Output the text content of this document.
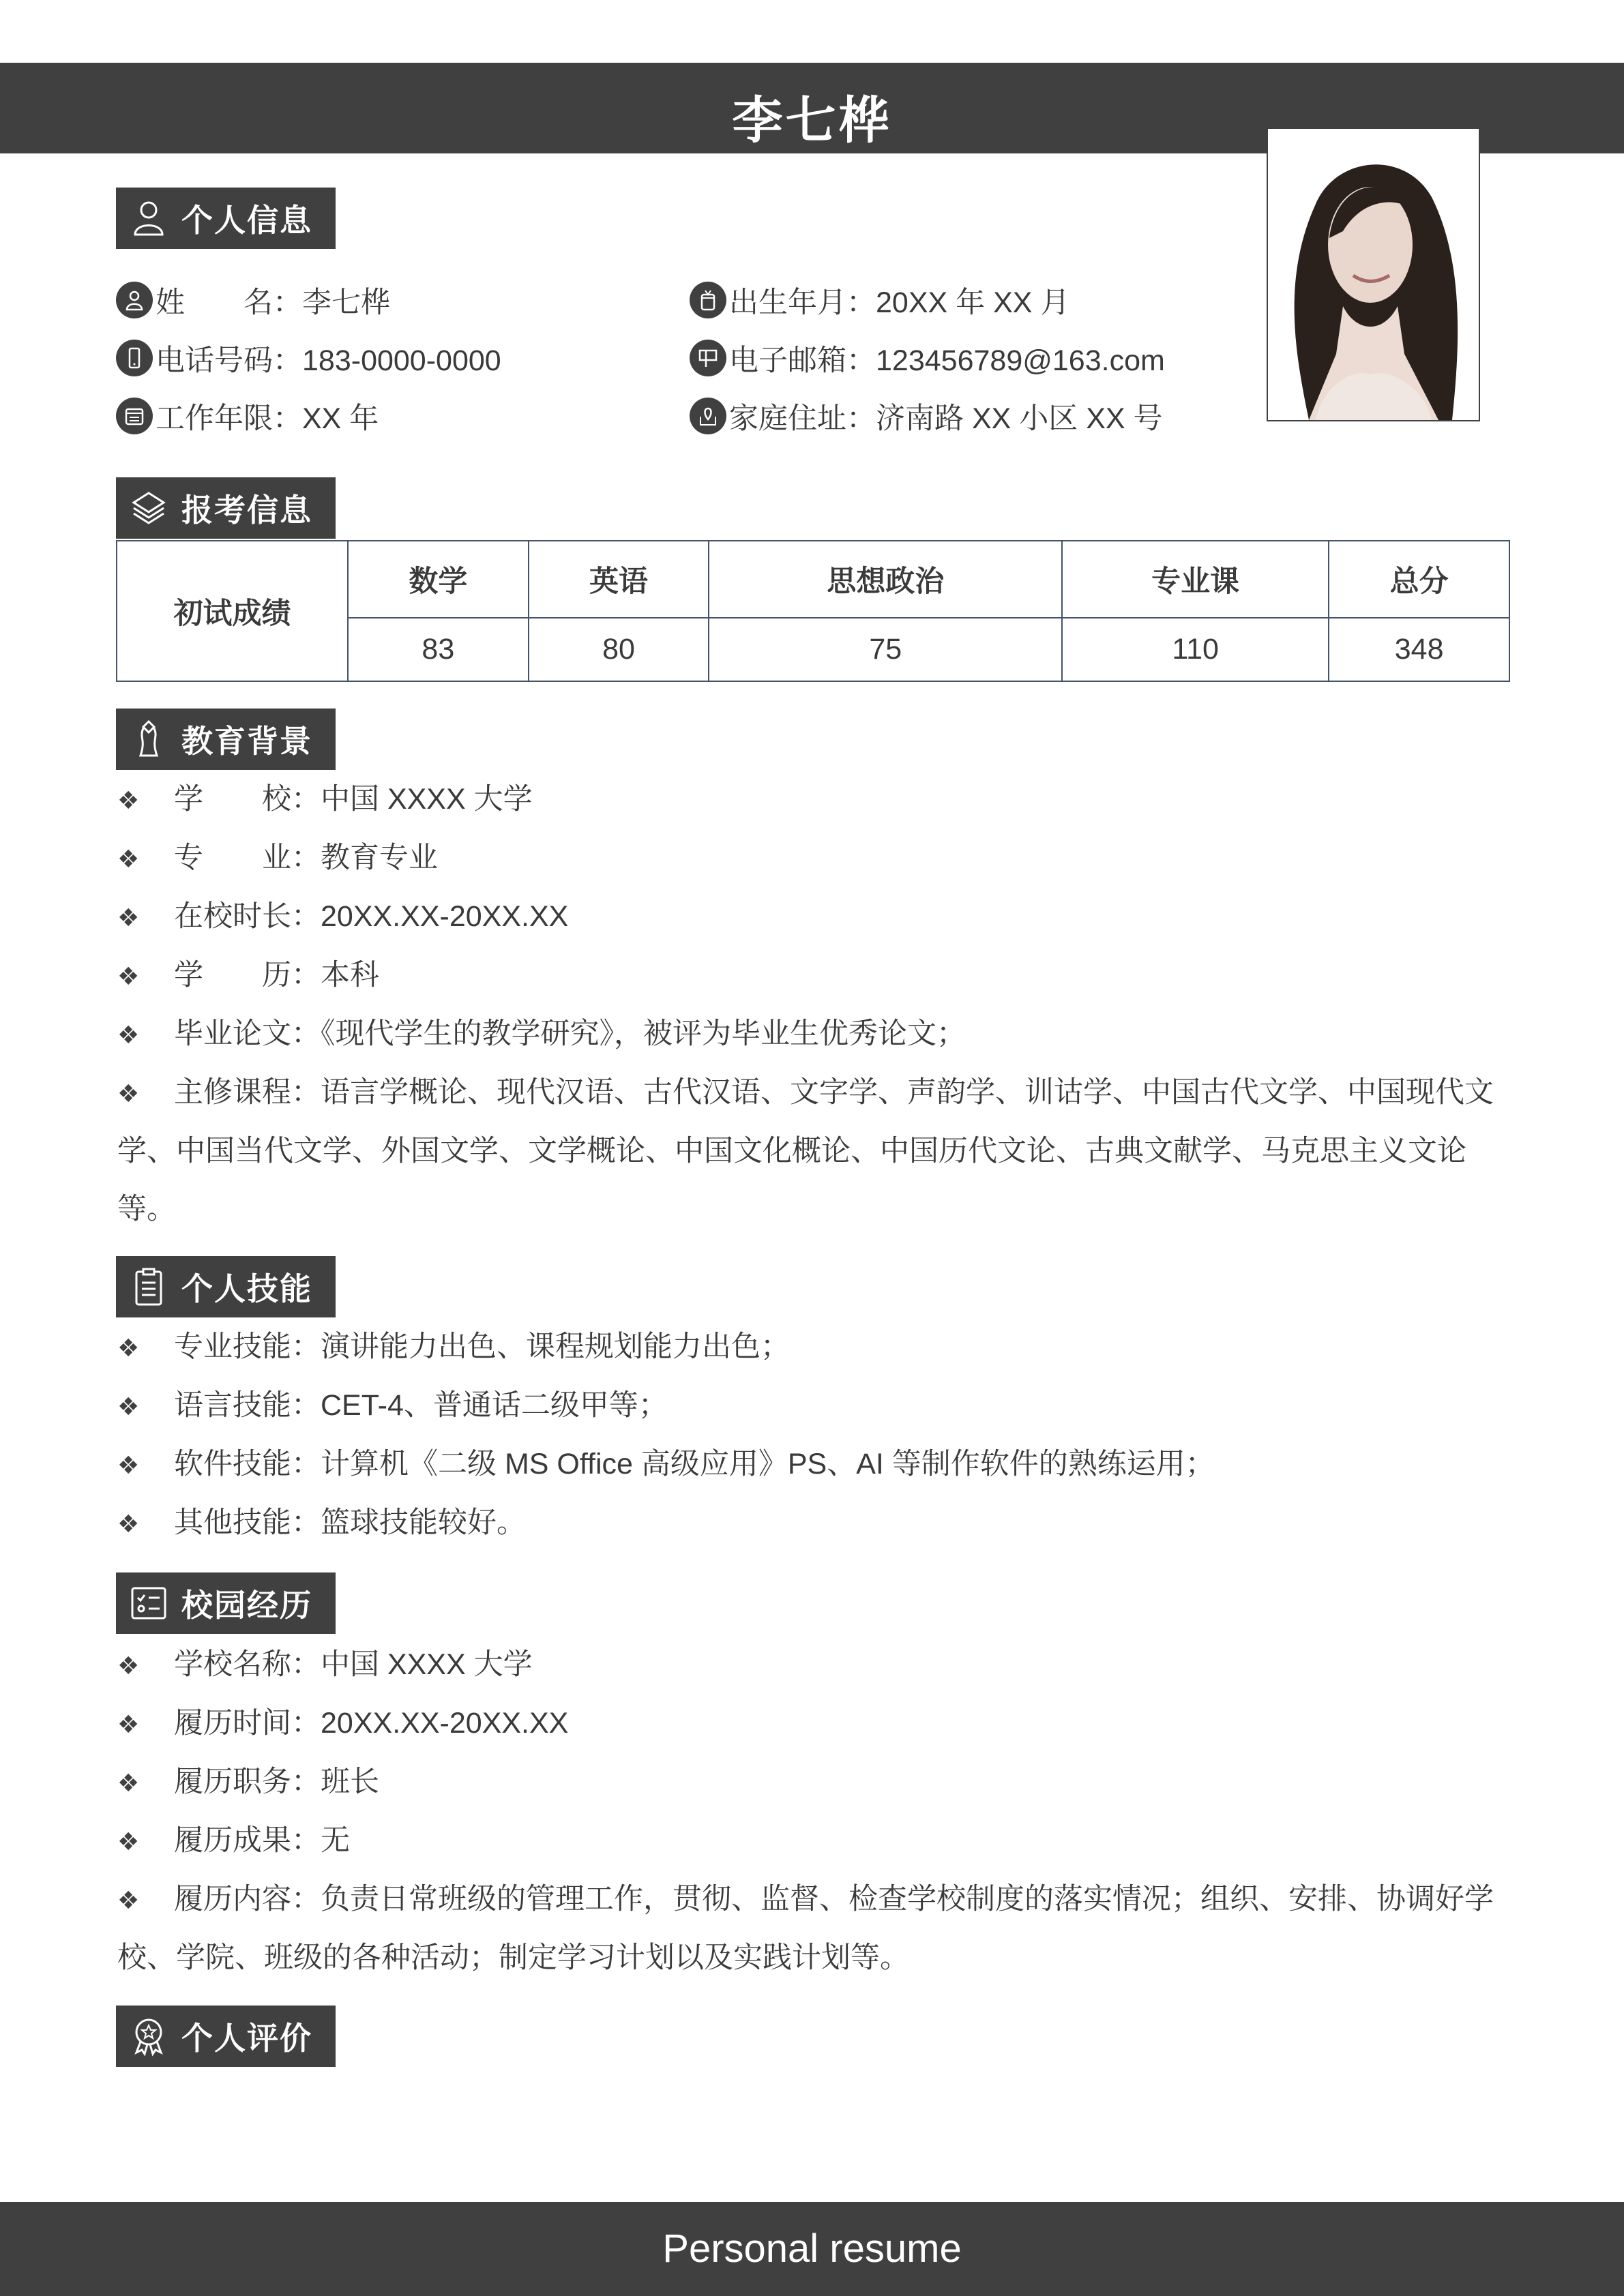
李七桦
个人信息
姓　　名：李七桦	出生年月：20XX 年 XX 月
电话号码：183-0000-0000	电子邮箱：123456789@163.com
工作年限：XX 年	家庭住址：济南路 XX 小区 XX 号
报考信息
初试成绩	数学	英语	思想政治	专业课	总分
	83	80	75	110	348
教育背景

❖ 学　　校：中国 XXXX 大学

❖ 专　　业：教育专业

❖ 在校时长：20XX.XX-20XX.XX

❖ 学　　历：本科

❖ 毕业论文：《现代学生的教学研究》，被评为毕业生优秀论文；

❖ 主修课程：语言学概论、现代汉语、古代汉语、文字学、声韵学、训诂学、中国古代文学、中国现代文学、中国当代文学、外国文学、文学概论、中国文化概论、中国历代文论、古典文献学、马克思主义文论等。

个人技能

❖ 专业技能：演讲能力出色、课程规划能力出色；

❖ 语言技能：CET-4、普通话二级甲等；

❖ 软件技能：计算机《二级 MS Office 高级应用》PS、AI 等制作软件的熟练运用；

❖ 其他技能：篮球技能较好。

校园经历

❖ 学校名称：中国 XXXX 大学

❖ 履历时间：20XX.XX-20XX.XX

❖ 履历职务：班长

❖ 履历成果：无

❖ 履历内容：负责日常班级的管理工作，贯彻、监督、检查学校制度的落实情况；组织、安排、协调好学校、学院、班级的各种活动；制定学习计划以及实践计划等。

个人评价
Personal resume
